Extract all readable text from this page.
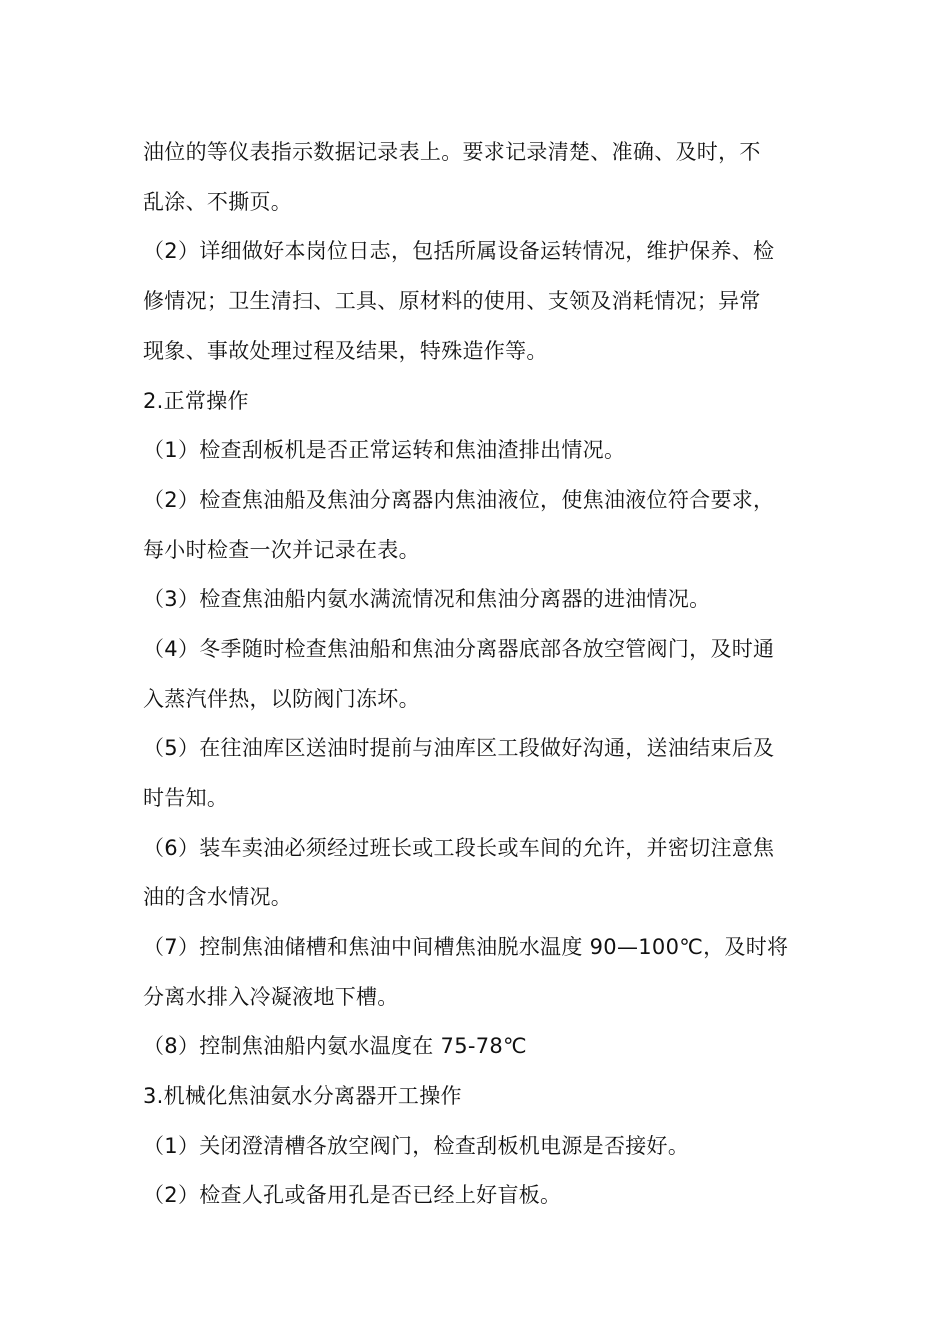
油位的等仪表指示数据记录表上。要求记录清楚、准确、及时，不

乱涂、不撕页。

（2）详细做好本岗位日志，包括所属设备运转情况，维护保养、检

修情况；卫生清扫、工具、原材料的使用、支领及消耗情况；异常

现象、事故处理过程及结果，特殊造作等。

2.正常操作

（1）检查刮板机是否正常运转和焦油渣排出情况。

（2）检查焦油船及焦油分离器内焦油液位，使焦油液位符合要求，

每小时检查一次并记录在表。

（3）检查焦油船内氨水满流情况和焦油分离器的进油情况。

（4）冬季随时检查焦油船和焦油分离器底部各放空管阀门，及时通

入蒸汽伴热，以防阀门冻坏。

（5）在往油库区送油时提前与油库区工段做好沟通，送油结束后及

时告知。

（6）装车卖油必须经过班长或工段长或车间的允许，并密切注意焦

油的含水情况。

（7）控制焦油储槽和焦油中间槽焦油脱水温度 90—100℃，及时将

分离水排入冷凝液地下槽。

（8）控制焦油船内氨水温度在 75-78℃

3.机械化焦油氨水分离器开工操作

（1）关闭澄清槽各放空阀门，检查刮板机电源是否接好。

（2）检查人孔或备用孔是否已经上好盲板。
